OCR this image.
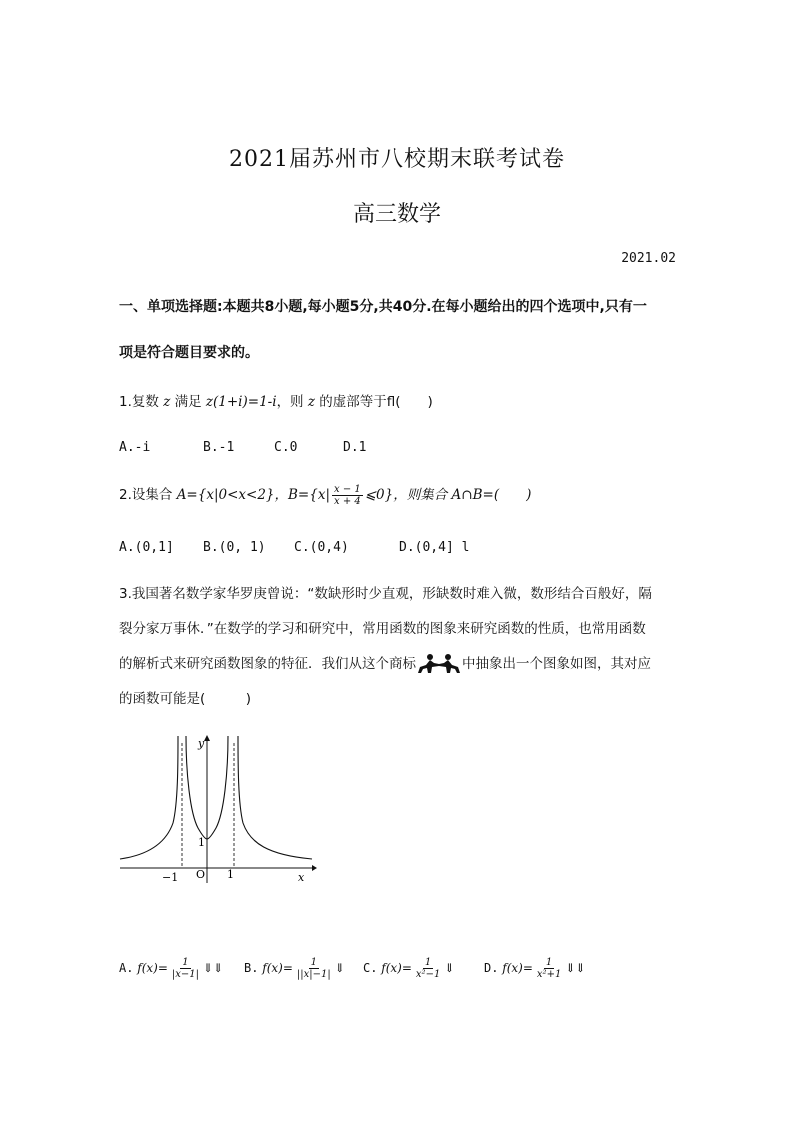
2021届苏州市八校期末联考试卷
高三数学
2021.02
一、单项选择题:本题共8小题,每小题5分,共40分.在每小题给出的四个选项中,只有一
项是符合题目要求的。
1.复数 z 满足 z(1+i)=1-i，则 z 的虚部等于fl(　　)
A.-i	B.-1	C.0	D.1
2.设集合 A={x|0<x<2}，$B=\{x| \frac{x - 1}{x + 4}$ ⩽0}，则集合 A∩B=(　　)
A.(0,1] B.(0, 1) C.(0,4)	D.(0,4] l
3.我国著名数学家华罗庚曾说：“数缺形时少直观，形缺数时难入微，数形结合百般好，隔
裂分家万事休．”在数学的学习和研究中，常用函数的图象来研究函数的性质，也常用函数
的解析式来研究函数图象的特征．我们从这个商标	中抽象出一个图象如图，其对应
的函数可能是(　　　)
y
x
O
−1	1
1
A. $f(x)= \frac{1}{|x-1|}$ ⇓⇓ B. $f(x)= \frac{1}{||x|-1|}$ ⇓ C. $f(x)= \frac{1}{\text{x²−1}}$ ⇓ D. $f(x)= \frac{1}{\text{x²+1}}$ ⇓⇓
